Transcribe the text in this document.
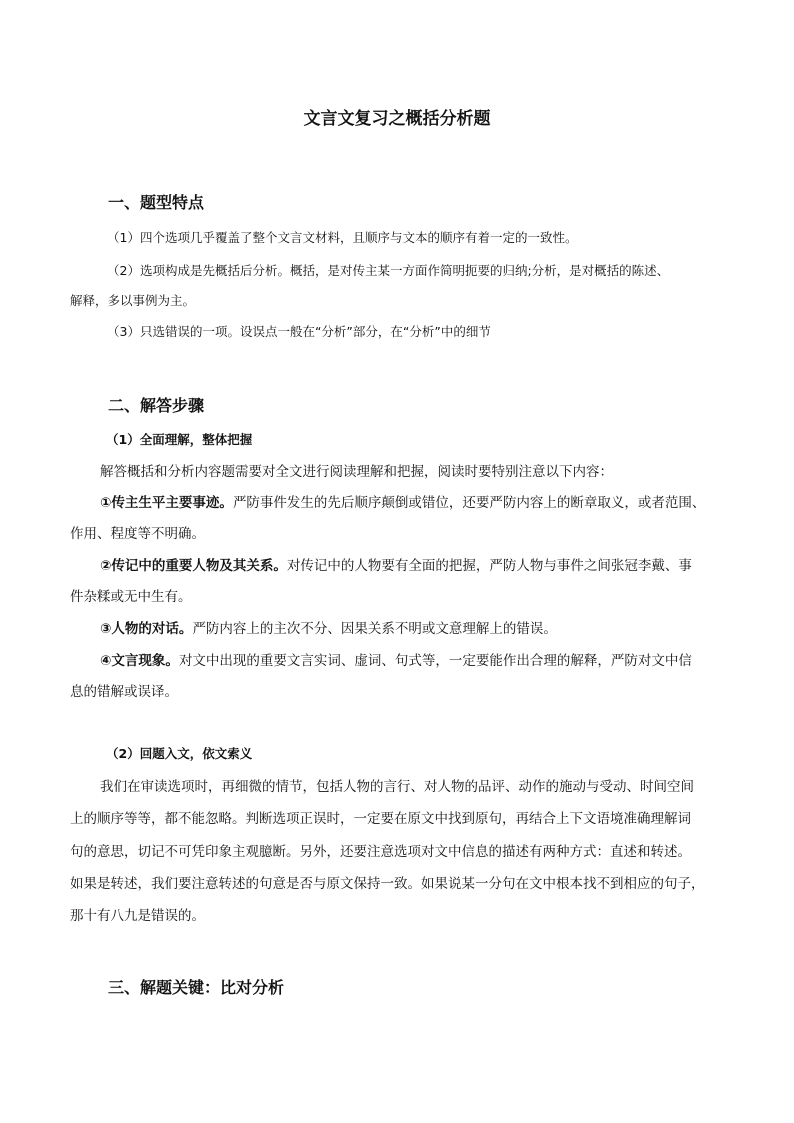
文言文复习之概括分析题
一、题型特点
（1）四个选项几乎覆盖了整个文言文材料，且顺序与文本的顺序有着一定的一致性。
（2）选项构成是先概括后分析。概括，是对传主某一方面作简明扼要的归纳;分析，是对概括的陈述、
解释，多以事例为主。
（3）只选错误的一项。设误点一般在“分析”部分，在“分析”中的细节
二、解答步骤
（1）全面理解，整体把握
解答概括和分析内容题需要对全文进行阅读理解和把握，阅读时要特别注意以下内容：
①传主生平主要事迹。严防事件发生的先后顺序颠倒或错位，还要严防内容上的断章取义，或者范围、
作用、程度等不明确。
②传记中的重要人物及其关系。对传记中的人物要有全面的把握，严防人物与事件之间张冠李戴、事
件杂糅或无中生有。
③人物的对话。严防内容上的主次不分、因果关系不明或文意理解上的错误。
④文言现象。对文中出现的重要文言实词、虚词、句式等，一定要能作出合理的解释，严防对文中信
息的错解或误译。
（2）回题入文，依文索义
我们在审读选项时，再细微的情节，包括人物的言行、对人物的品评、动作的施动与受动、时间空间
上的顺序等等，都不能忽略。判断选项正误时，一定要在原文中找到原句，再结合上下文语境准确理解词
句的意思，切记不可凭印象主观臆断。另外，还要注意选项对文中信息的描述有两种方式：直述和转述。
如果是转述，我们要注意转述的句意是否与原文保持一致。如果说某一分句在文中根本找不到相应的句子，
那十有八九是错误的。
三、解题关键：比对分析
